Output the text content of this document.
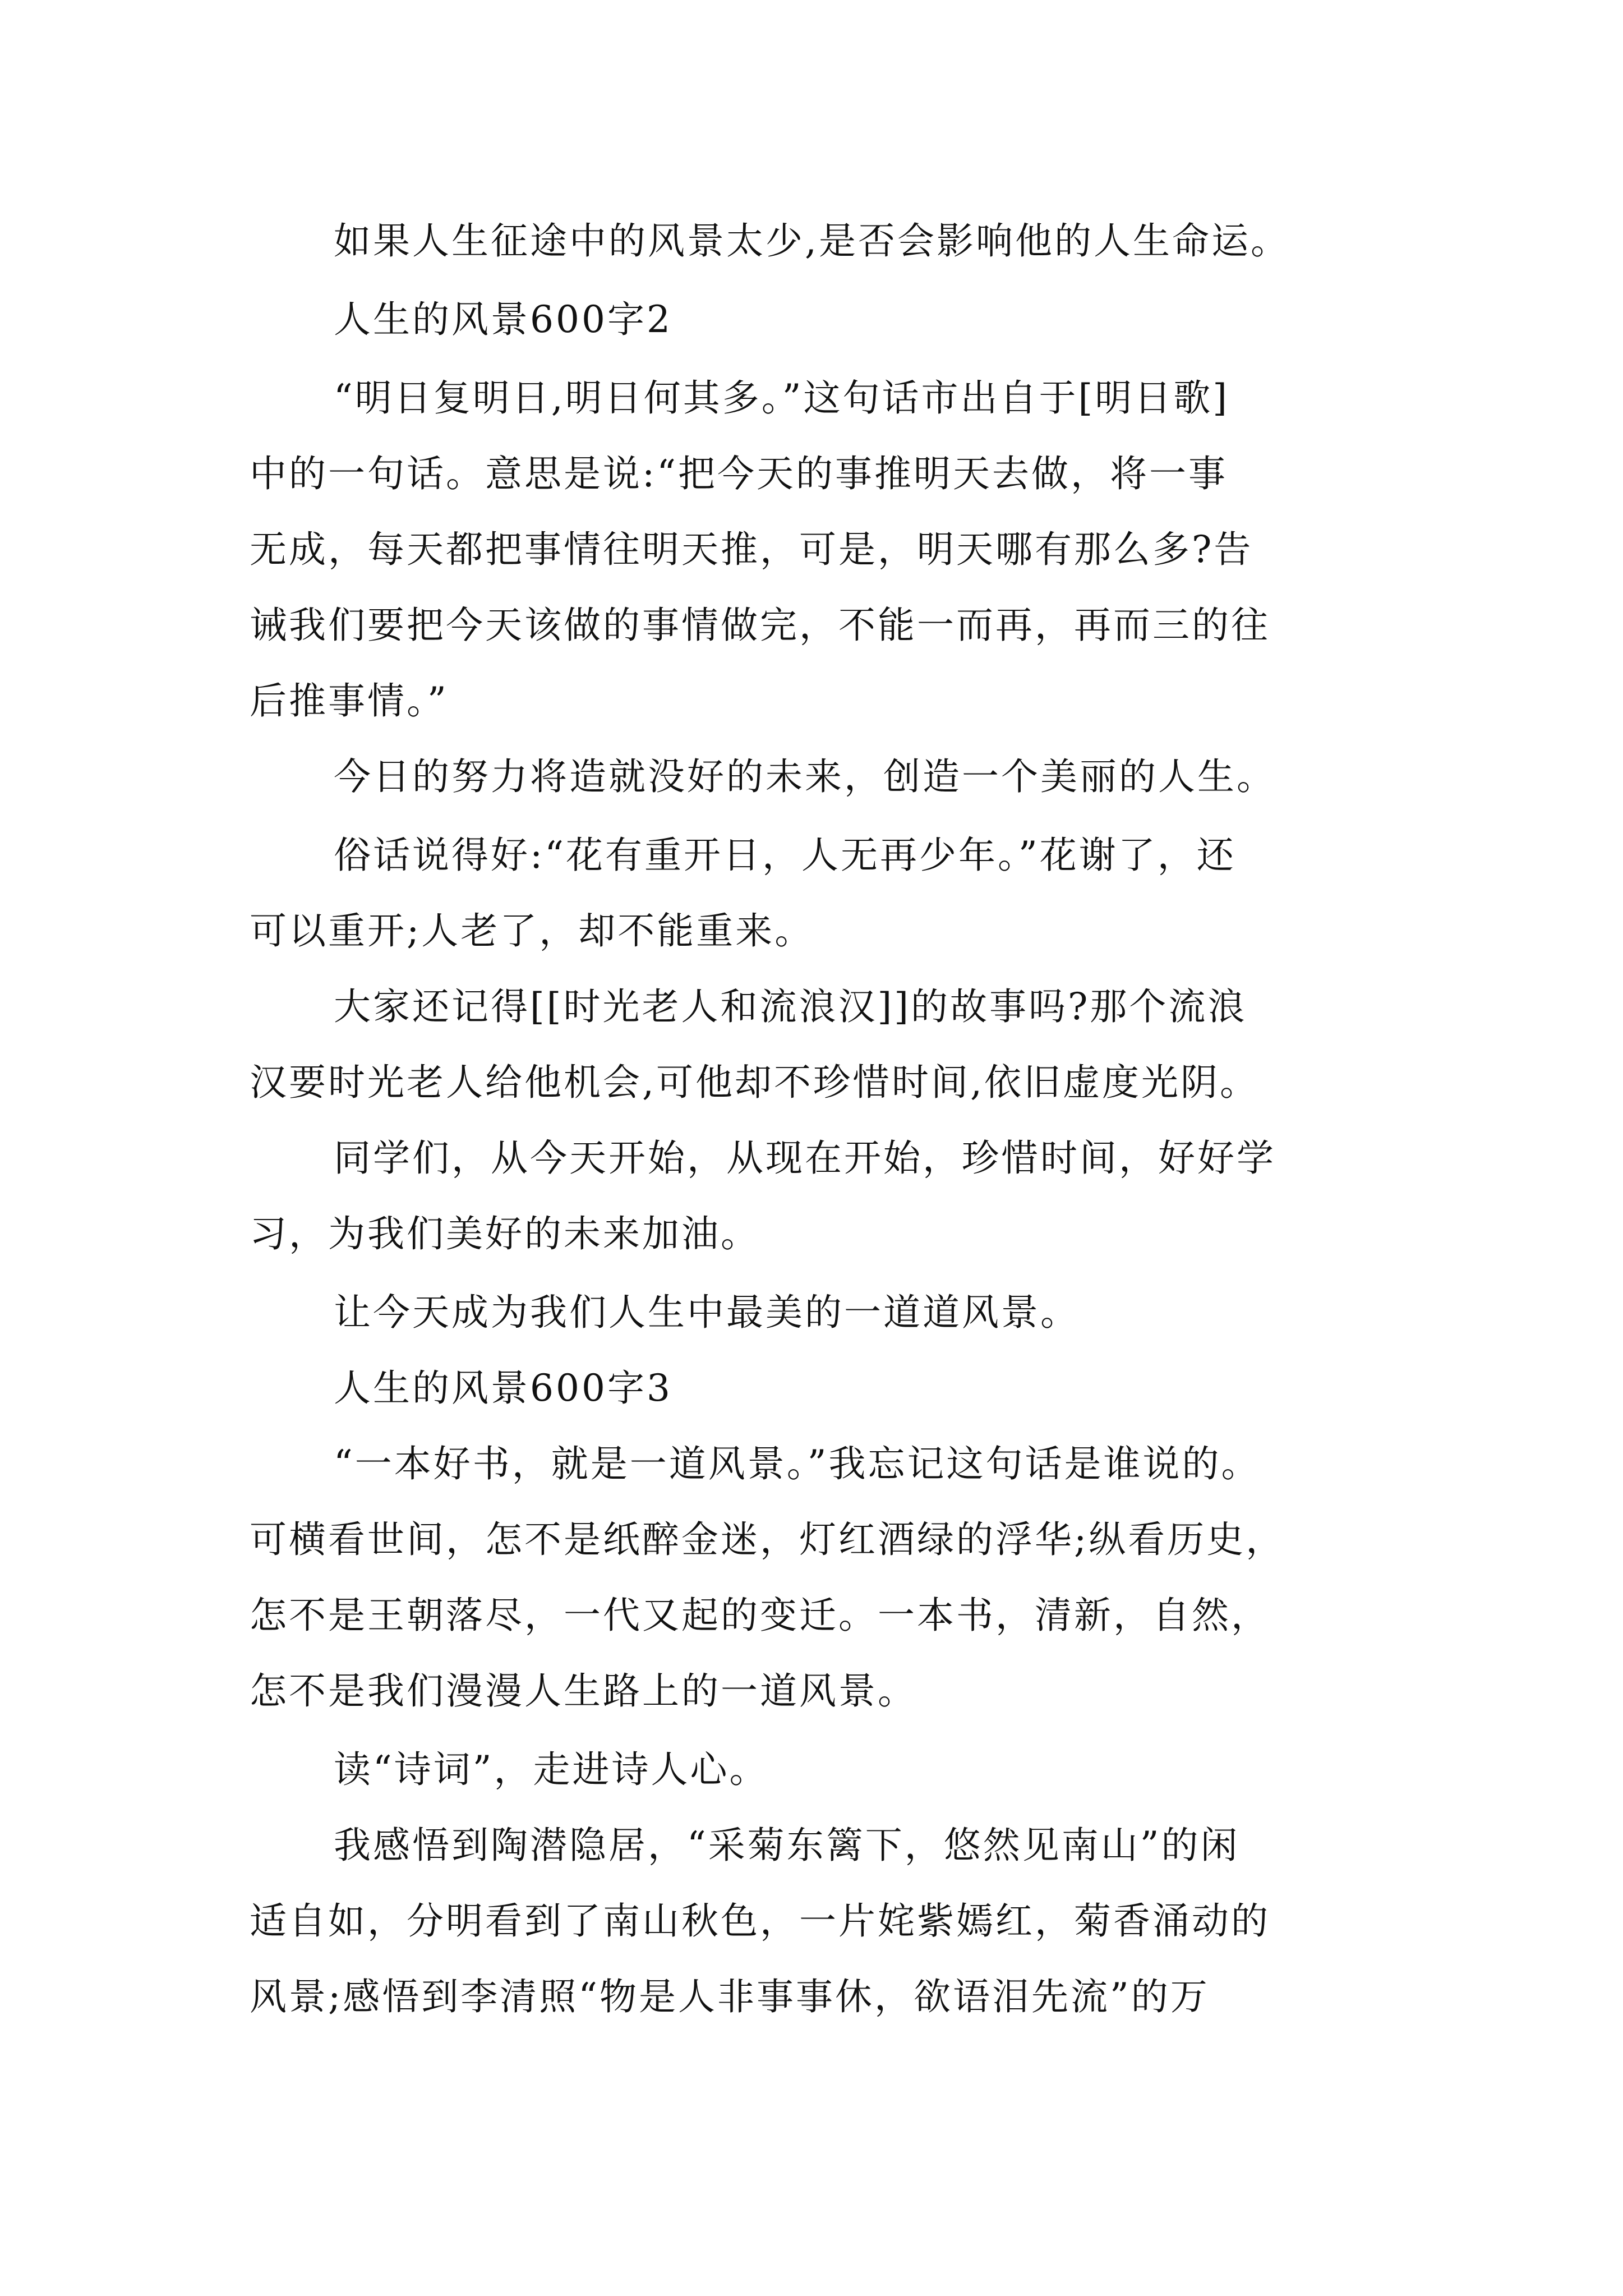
如果人生征途中的风景太少,是否会影响他的人生命运。
人生的风景600字2
“明日复明日,明日何其多。”这句话市出自于[明日歌]
中的一句话。意思是说:“把今天的事推明天去做，将一事
无成，每天都把事情往明天推，可是，明天哪有那么多?告
诫我们要把今天该做的事情做完，不能一而再，再而三的往
后推事情。”
今日的努力将造就没好的未来，创造一个美丽的人生。
俗话说得好:“花有重开日，人无再少年。”花谢了，还
可以重开;人老了，却不能重来。
大家还记得[[时光老人和流浪汉]]的故事吗?那个流浪
汉要时光老人给他机会,可他却不珍惜时间,依旧虚度光阴。
同学们，从今天开始，从现在开始，珍惜时间，好好学
习，为我们美好的未来加油。
让今天成为我们人生中最美的一道道风景。
人生的风景600字3
“一本好书，就是一道风景。”我忘记这句话是谁说的。
可横看世间，怎不是纸醉金迷，灯红酒绿的浮华;纵看历史，
怎不是王朝落尽，一代又起的变迁。一本书，清新，自然，
怎不是我们漫漫人生路上的一道风景。
读“诗词”，走进诗人心。
我感悟到陶潜隐居，“采菊东篱下，悠然见南山”的闲
适自如，分明看到了南山秋色，一片姹紫嫣红，菊香涌动的
风景;感悟到李清照“物是人非事事休，欲语泪先流”的万
